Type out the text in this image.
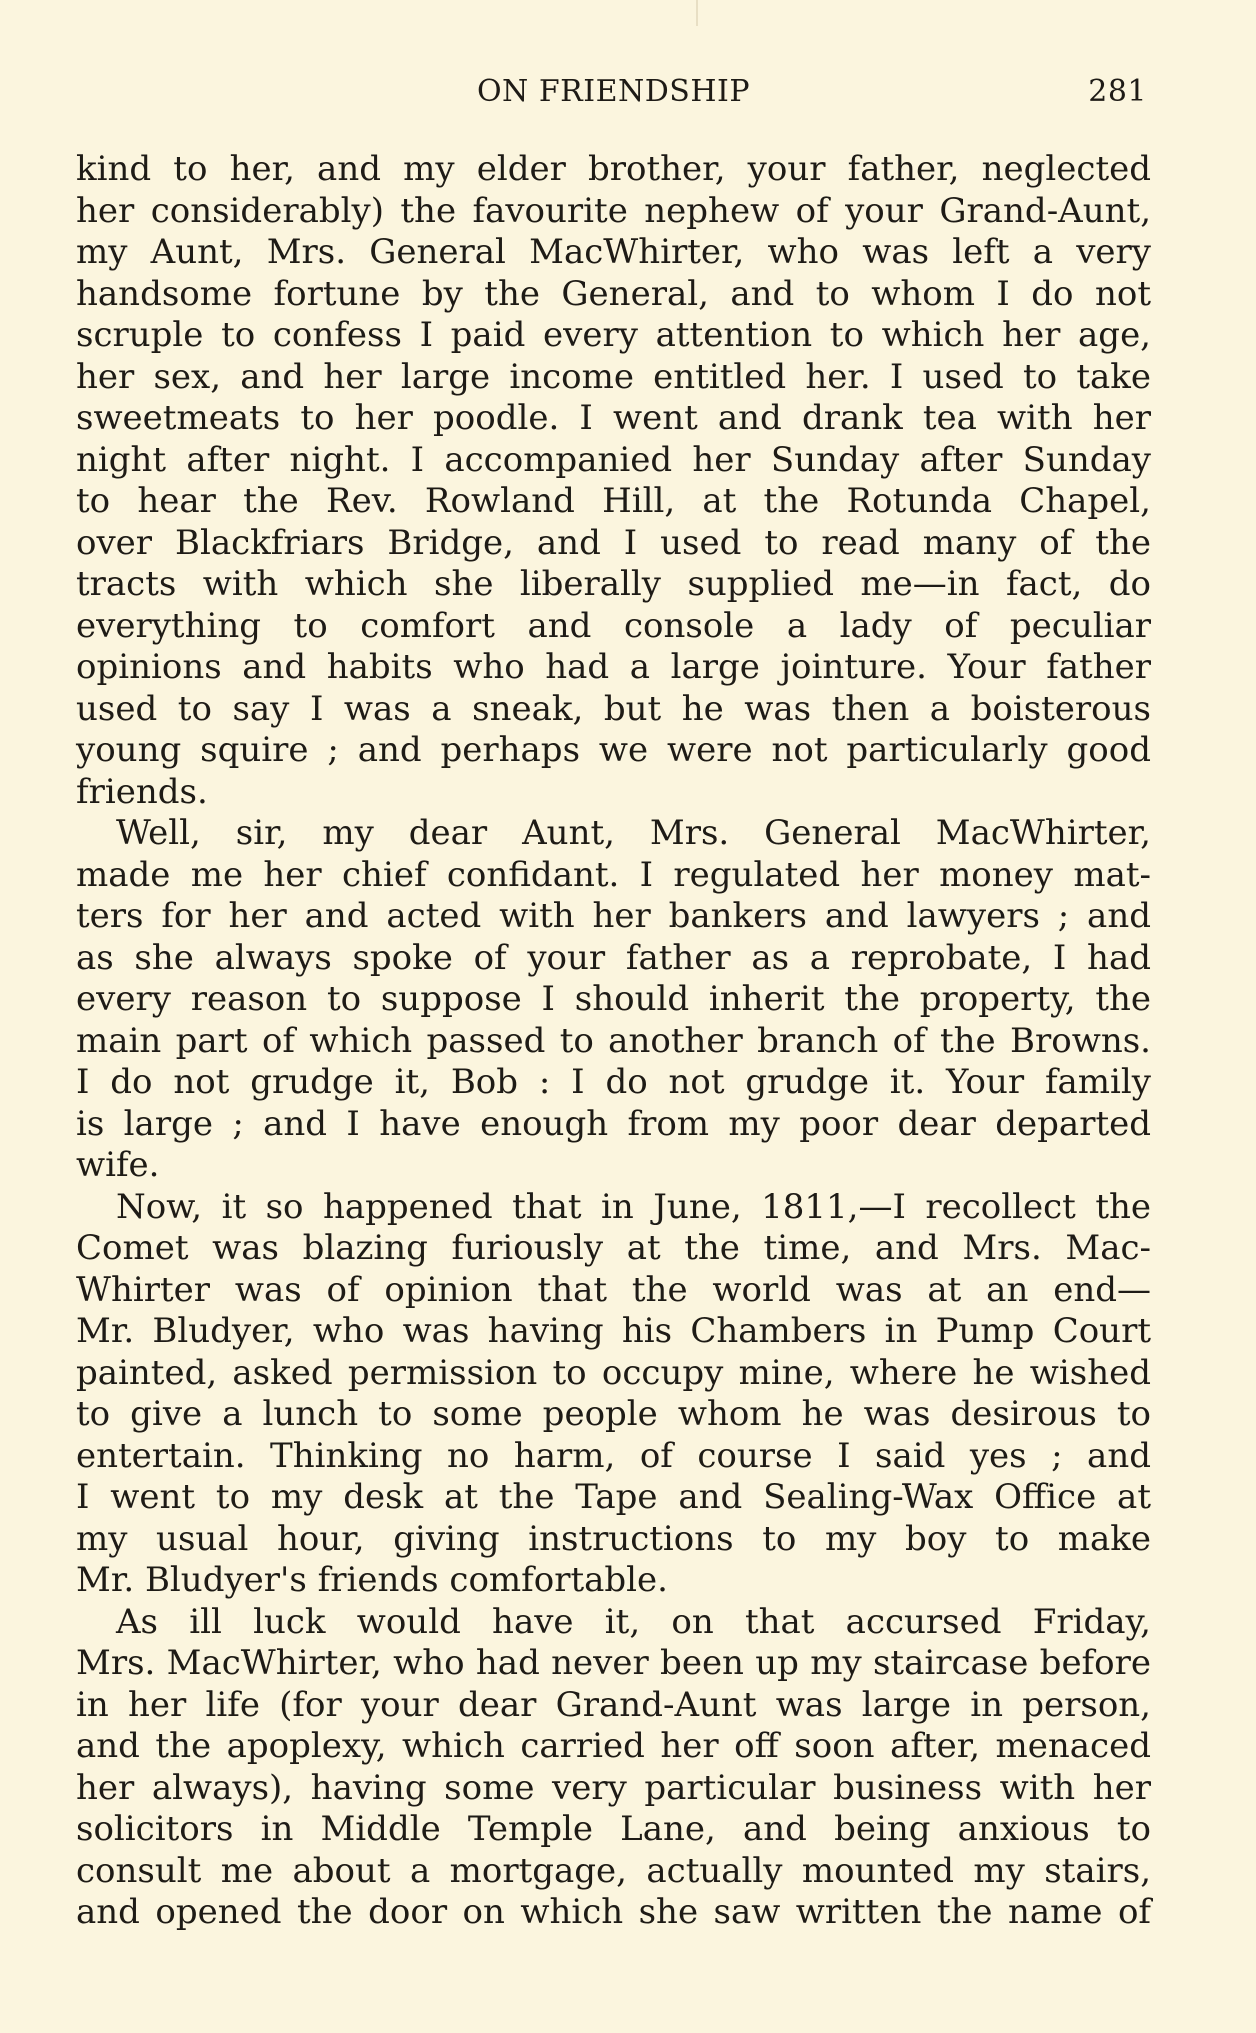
ON FRIENDSHIP	281
kind to her, and my elder brother, your father, neglected
her considerably) the favourite nephew of your Grand-Aunt,
my Aunt, Mrs. General MacWhirter, who was left a very
handsome fortune by the General, and to whom I do not
scruple to confess I paid every attention to which her age,
her sex, and her large income entitled her. I used to take
sweetmeats to her poodle. I went and drank tea with her
night after night. I accompanied her Sunday after Sunday
to hear the Rev. Rowland Hill, at the Rotunda Chapel,
over Blackfriars Bridge, and I used to read many of the
tracts with which she liberally supplied me—in fact, do
everything to comfort and console a lady of peculiar
opinions and habits who had a large jointure. Your father
used to say I was a sneak, but he was then a boisterous
young squire ; and perhaps we were not particularly good
friends.
Well, sir, my dear Aunt, Mrs. General MacWhirter,
made me her chief confidant. I regulated her money mat-
ters for her and acted with her bankers and lawyers ; and
as she always spoke of your father as a reprobate, I had
every reason to suppose I should inherit the property, the
main part of which passed to another branch of the Browns.
I do not grudge it, Bob : I do not grudge it. Your family
is large ; and I have enough from my poor dear departed
wife.
Now, it so happened that in June, 1811,—I recollect the
Comet was blazing furiously at the time, and Mrs. Mac-
Whirter was of opinion that the world was at an end—
Mr. Bludyer, who was having his Chambers in Pump Court
painted, asked permission to occupy mine, where he wished
to give a lunch to some people whom he was desirous to
entertain. Thinking no harm, of course I said yes ; and
I went to my desk at the Tape and Sealing-Wax Office at
my usual hour, giving instructions to my boy to make
Mr. Bludyer's friends comfortable.
As ill luck would have it, on that accursed Friday,
Mrs. MacWhirter, who had never been up my staircase before
in her life (for your dear Grand-Aunt was large in person,
and the apoplexy, which carried her off soon after, menaced
her always), having some very particular business with her
solicitors in Middle Temple Lane, and being anxious to
consult me about a mortgage, actually mounted my stairs,
and opened the door on which she saw written the name of
